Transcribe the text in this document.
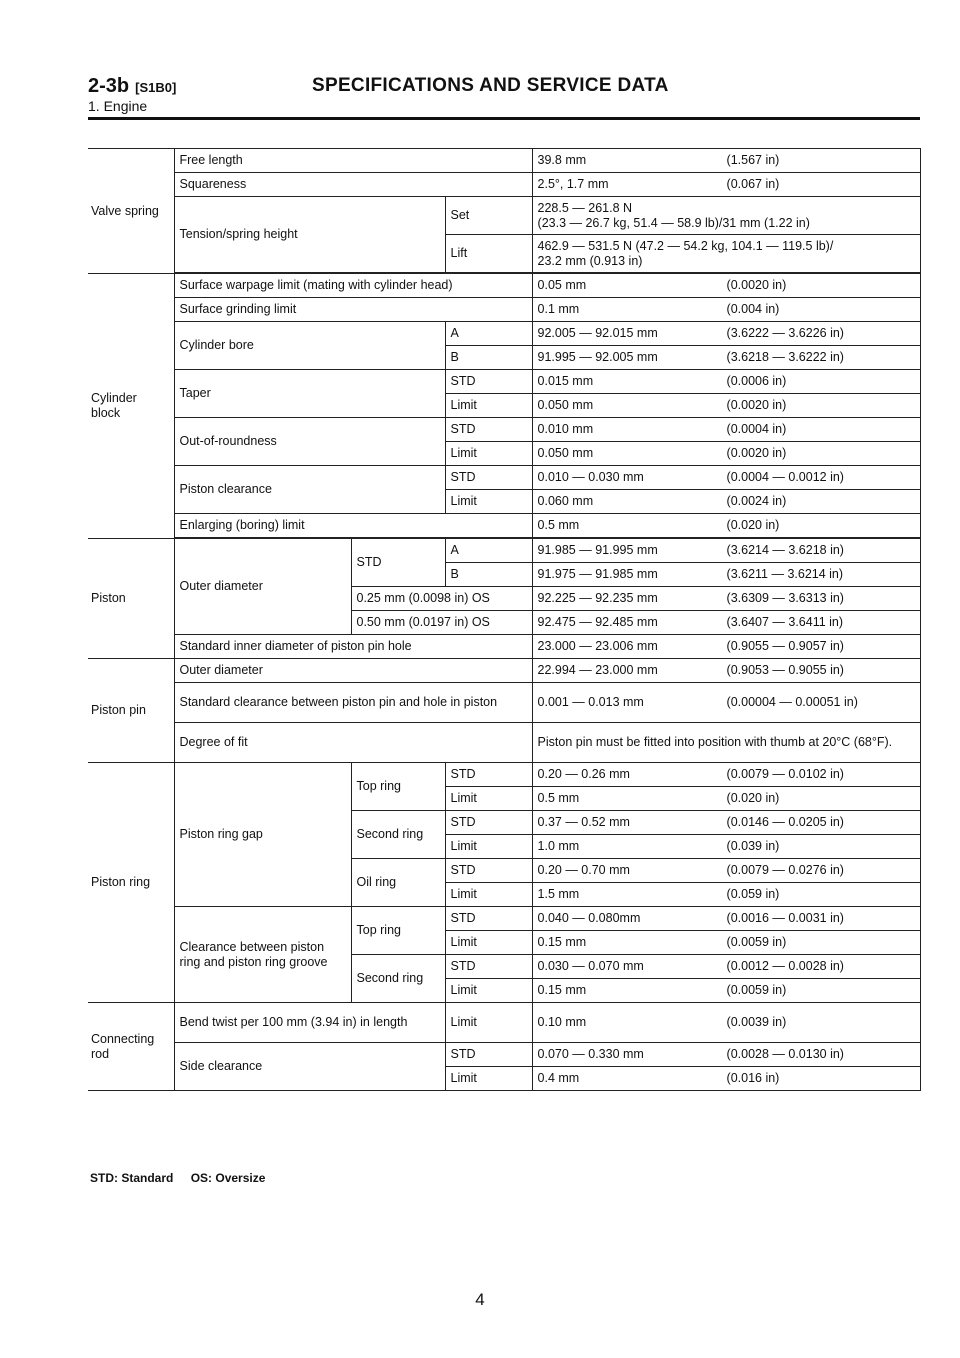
2-3b [S1B0]	SPECIFICATIONS AND SERVICE DATA
1. Engine
Valve spring	Free length			39.8 mm (1.567 in)

	Squareness			2.5°, 1.7 mm (0.067 in)

	Tension/spring height		Set	228.5 — 261.8 N
(23.3 — 26.7 kg, 51.4 — 58.9 lb)/31 mm (1.22 in)

			Lift	462.9 — 531.5 N (47.2 — 54.2 kg, 104.1 — 119.5 lb)/
23.2 mm (0.913 in)

Cylinder block	Surface warpage limit (mating with cylinder head)			0.05 mm (0.0020 in)

	Surface grinding limit			0.1 mm (0.004 in)

	Cylinder bore		A	92.005 — 92.015 mm (3.6222 — 3.6226 in)

			B	91.995 — 92.005 mm (3.6218 — 3.6222 in)

	Taper		STD	0.015 mm (0.0006 in)

			Limit	0.050 mm (0.0020 in)

	Out-of-roundness		STD	0.010 mm (0.0004 in)

			Limit	0.050 mm (0.0020 in)

	Piston clearance		STD	0.010 — 0.030 mm (0.0004 — 0.0012 in)

			Limit	0.060 mm (0.0024 in)

	Enlarging (boring) limit			0.5 mm (0.020 in)

Piston	Outer diameter	STD	A	91.985 — 91.995 mm (3.6214 — 3.6218 in)

			B	91.975 — 91.985 mm (3.6211 — 3.6214 in)

		0.25 mm (0.0098 in) OS		92.225 — 92.235 mm (3.6309 — 3.6313 in)

		0.50 mm (0.0197 in) OS		92.475 — 92.485 mm (3.6407 — 3.6411 in)

	Standard inner diameter of piston pin hole			23.000 — 23.006 mm (0.9055 — 0.9057 in)

Piston pin	Outer diameter			22.994 — 23.000 mm (0.9053 — 0.9055 in)

	Standard clearance between piston pin and hole in piston			0.001 — 0.013 mm (0.00004 — 0.00051 in)

	Degree of fit			Piston pin must be fitted into position with thumb at 20°C (68°F).
Piston ring	Piston ring gap	Top ring	STD	0.20 — 0.26 mm (0.0079 — 0.0102 in)

			Limit	0.5 mm (0.020 in)

		Second ring	STD	0.37 — 0.52 mm (0.0146 — 0.0205 in)

			Limit	1.0 mm (0.039 in)

		Oil ring	STD	0.20 — 0.70 mm (0.0079 — 0.0276 in)

			Limit	1.5 mm (0.059 in)

	Clearance between piston ring and piston ring groove	Top ring	STD	0.040 — 0.080mm (0.0016 — 0.0031 in)

			Limit	0.15 mm (0.0059 in)

		Second ring	STD	0.030 — 0.070 mm (0.0012 — 0.0028 in)

			Limit	0.15 mm (0.0059 in)

Connecting rod	Bend twist per 100 mm (3.94 in) in length		Limit	0.10 mm (0.0039 in)

	Side clearance		STD	0.070 — 0.330 mm (0.0028 — 0.0130 in)

			Limit	0.4 mm (0.016 in)
STD: Standard OS: Oversize
4
